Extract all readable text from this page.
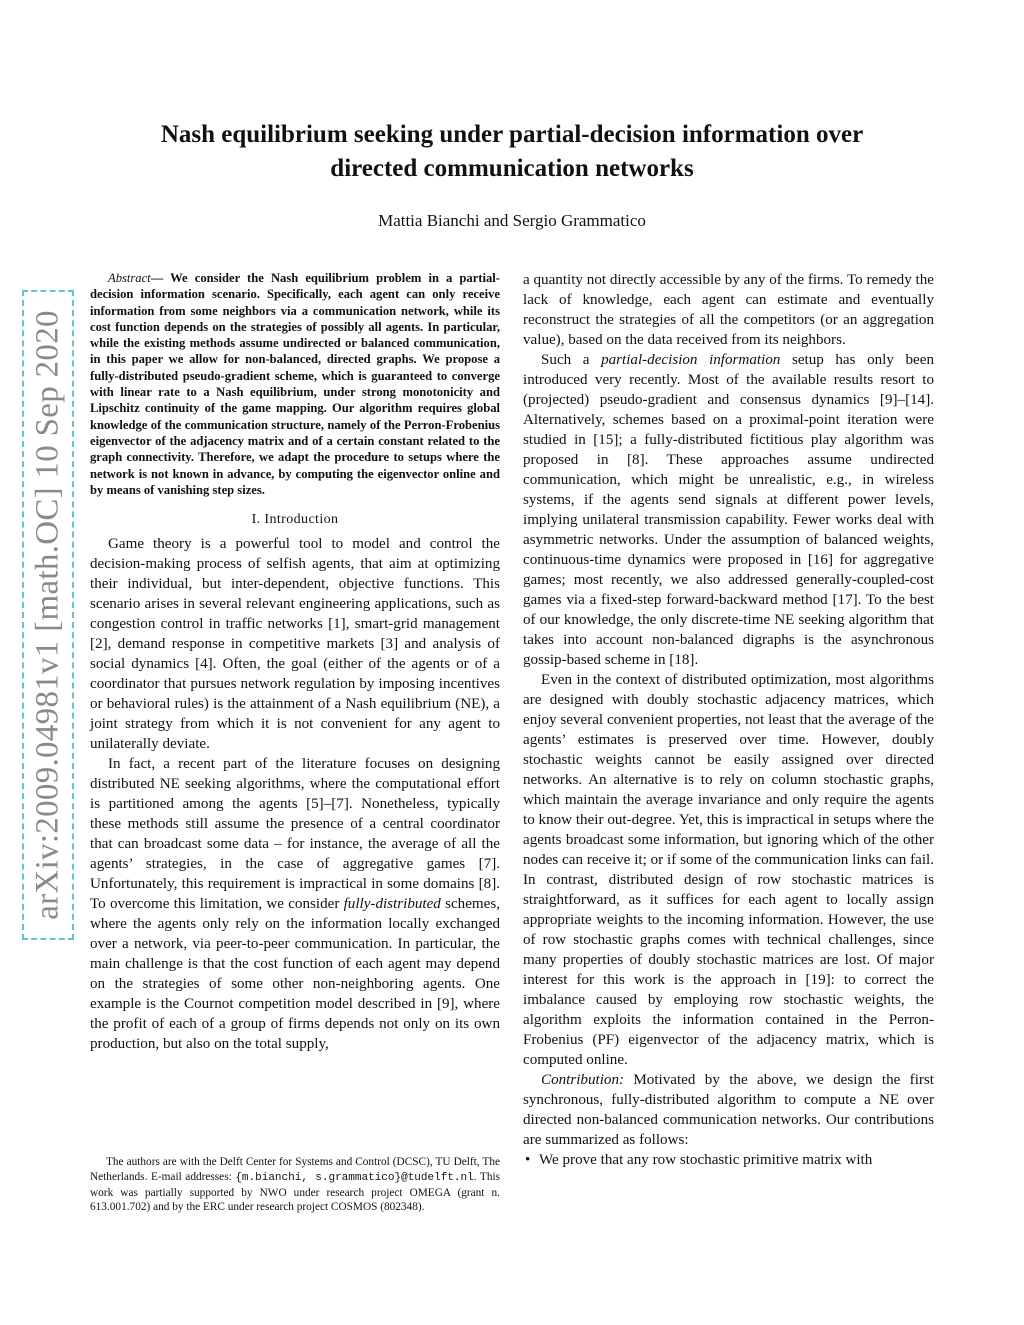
arXiv:2009.04981v1 [math.OC] 10 Sep 2020
Nash equilibrium seeking under partial-decision information over
directed communication networks
Mattia Bianchi and Sergio Grammatico

Abstract— We consider the Nash equilibrium problem in a partial-decision information scenario. Specifically, each agent can only receive information from some neighbors via a communication network, while its cost function depends on the strategies of possibly all agents. In particular, while the existing methods assume undirected or balanced communication, in this paper we allow for non-balanced, directed graphs. We propose a fully-distributed pseudo-gradient scheme, which is guaranteed to converge with linear rate to a Nash equilibrium, under strong monotonicity and Lipschitz continuity of the game mapping. Our algorithm requires global knowledge of the communication structure, namely of the Perron-Frobenius eigenvector of the adjacency matrix and of a certain constant related to the graph connectivity. Therefore, we adapt the procedure to setups where the network is not known in advance, by computing the eigenvector online and by means of vanishing step sizes.

I. Introduction

Game theory is a powerful tool to model and control the decision-making process of selfish agents, that aim at optimizing their individual, but inter-dependent, objective functions. This scenario arises in several relevant engineering applications, such as congestion control in traffic networks [1], smart-grid management [2], demand response in competitive markets [3] and analysis of social dynamics [4]. Often, the goal (either of the agents or of a coordinator that pursues network regulation by imposing incentives or behavioral rules) is the attainment of a Nash equilibrium (NE), a joint strategy from which it is not convenient for any agent to unilaterally deviate.

In fact, a recent part of the literature focuses on designing distributed NE seeking algorithms, where the computational effort is partitioned among the agents [5]–[7]. Nonetheless, typically these methods still assume the presence of a central coordinator that can broadcast some data – for instance, the average of all the agents’ strategies, in the case of aggregative games [7]. Unfortunately, this requirement is impractical in some domains [8]. To overcome this limitation, we consider fully-distributed schemes, where the agents only rely on the information locally exchanged over a network, via peer-to-peer communication. In particular, the main challenge is that the cost function of each agent may depend on the strategies of some other non-neighboring agents. One example is the Cournot competition model described in [9], where the profit of each of a group of firms depends not only on its own production, but also on the total supply,

The authors are with the Delft Center for Systems and Control (DCSC), TU Delft, The Netherlands. E-mail addresses: {m.bianchi, s.grammatico}@tudelft.nl. This work was partially supported by NWO under research project OMEGA (grant n. 613.001.702) and by the ERC under research project COSMOS (802348).

a quantity not directly accessible by any of the firms. To remedy the lack of knowledge, each agent can estimate and eventually reconstruct the strategies of all the competitors (or an aggregation value), based on the data received from its neighbors.

Such a partial-decision information setup has only been introduced very recently. Most of the available results resort to (projected) pseudo-gradient and consensus dynamics [9]–[14]. Alternatively, schemes based on a proximal-point iteration were studied in [15]; a fully-distributed fictitious play algorithm was proposed in [8]. These approaches assume undirected communication, which might be unrealistic, e.g., in wireless systems, if the agents send signals at different power levels, implying unilateral transmission capability. Fewer works deal with asymmetric networks. Under the assumption of balanced weights, continuous-time dynamics were proposed in [16] for aggregative games; most recently, we also addressed generally-coupled-cost games via a fixed-step forward-backward method [17]. To the best of our knowledge, the only discrete-time NE seeking algorithm that takes into account non-balanced digraphs is the asynchronous gossip-based scheme in [18].

Even in the context of distributed optimization, most algorithms are designed with doubly stochastic adjacency matrices, which enjoy several convenient properties, not least that the average of the agents’ estimates is preserved over time. However, doubly stochastic weights cannot be easily assigned over directed networks. An alternative is to rely on column stochastic graphs, which maintain the average invariance and only require the agents to know their out-degree. Yet, this is impractical in setups where the agents broadcast some information, but ignoring which of the other nodes can receive it; or if some of the communication links can fail. In contrast, distributed design of row stochastic matrices is straightforward, as it suffices for each agent to locally assign appropriate weights to the incoming information. However, the use of row stochastic graphs comes with technical challenges, since many properties of doubly stochastic matrices are lost. Of major interest for this work is the approach in [19]: to correct the imbalance caused by employing row stochastic weights, the algorithm exploits the information contained in the Perron-Frobenius (PF) eigenvector of the adjacency matrix, which is computed online.

Contribution: Motivated by the above, we design the first synchronous, fully-distributed algorithm to compute a NE over directed non-balanced communication networks. Our contributions are summarized as follows:

• We prove that any row stochastic primitive matrix with
